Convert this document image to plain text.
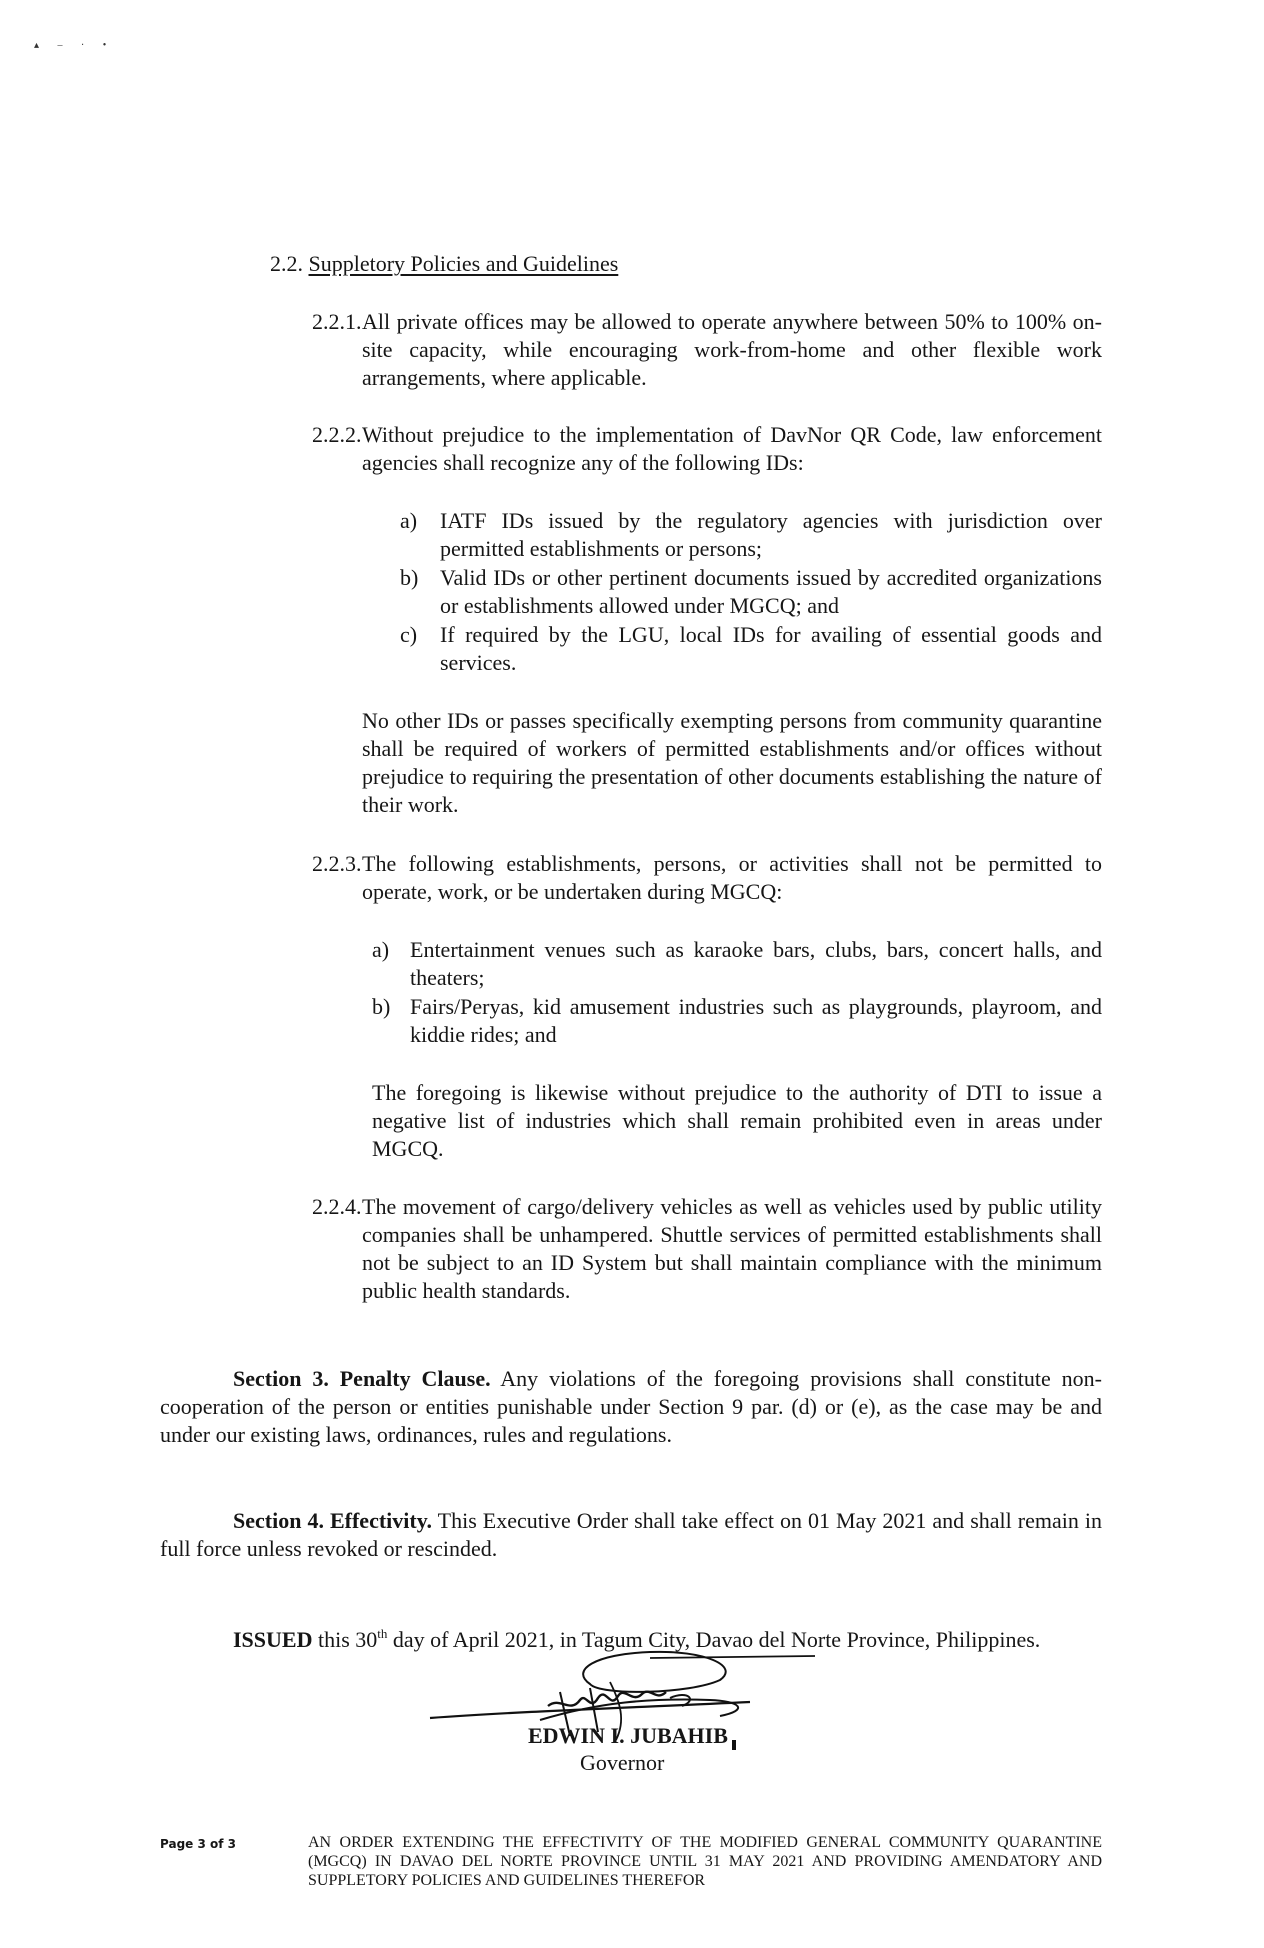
▴ – ‧ •
2.2. Suppletory Policies and Guidelines
2.2.1. All private offices may be allowed to operate anywhere between 50% to 100% on-site capacity, while encouraging work-from-home and other flexible work arrangements, where applicable.
2.2.2. Without prejudice to the implementation of DavNor QR Code, law enforcement agencies shall recognize any of the following IDs:
a)	IATF IDs issued by the regulatory agencies with jurisdiction over permitted establishments or persons;
b) Valid IDs or other pertinent documents issued by accredited organizations or establishments allowed under MGCQ; and
c)	If required by the LGU, local IDs for availing of essential goods and services.

No other IDs or passes specifically exempting persons from community quarantine shall be required of workers of permitted establishments and/or offices without prejudice to requiring the presentation of other documents establishing the nature of their work.

2.2.3. The following establishments, persons, or activities shall not be permitted to operate, work, or be undertaken during MGCQ:
a) Entertainment venues such as karaoke bars, clubs, bars, concert halls, and theaters;
b) Fairs/Peryas, kid amusement industries such as playgrounds, playroom, and kiddie rides; and

The foregoing is likewise without prejudice to the authority of DTI to issue a negative list of industries which shall remain prohibited even in areas under MGCQ.

2.2.4. The movement of cargo/delivery vehicles as well as vehicles used by public utility companies shall be unhampered. Shuttle services of permitted establishments shall not be subject to an ID System but shall maintain compliance with the minimum public health standards.

Section 3. Penalty Clause. Any violations of the foregoing provisions shall constitute non-cooperation of the person or entities punishable under Section 9 par. (d) or (e), as the case may be and under our existing laws, ordinances, rules and regulations.

Section 4. Effectivity. This Executive Order shall take effect on 01 May 2021 and shall remain in full force unless revoked or rescinded.

ISSUED this 30th day of April 2021, in Tagum City, Davao del Norte Province, Philippines.

EDWIN I. JUBAHIB
Governor
Page 3 of 3	AN ORDER EXTENDING THE EFFECTIVITY OF THE MODIFIED GENERAL COMMUNITY QUARANTINE (MGCQ) IN DAVAO DEL NORTE PROVINCE UNTIL 31 MAY 2021 AND PROVIDING AMENDATORY AND SUPPLETORY POLICIES AND GUIDELINES THEREFOR
